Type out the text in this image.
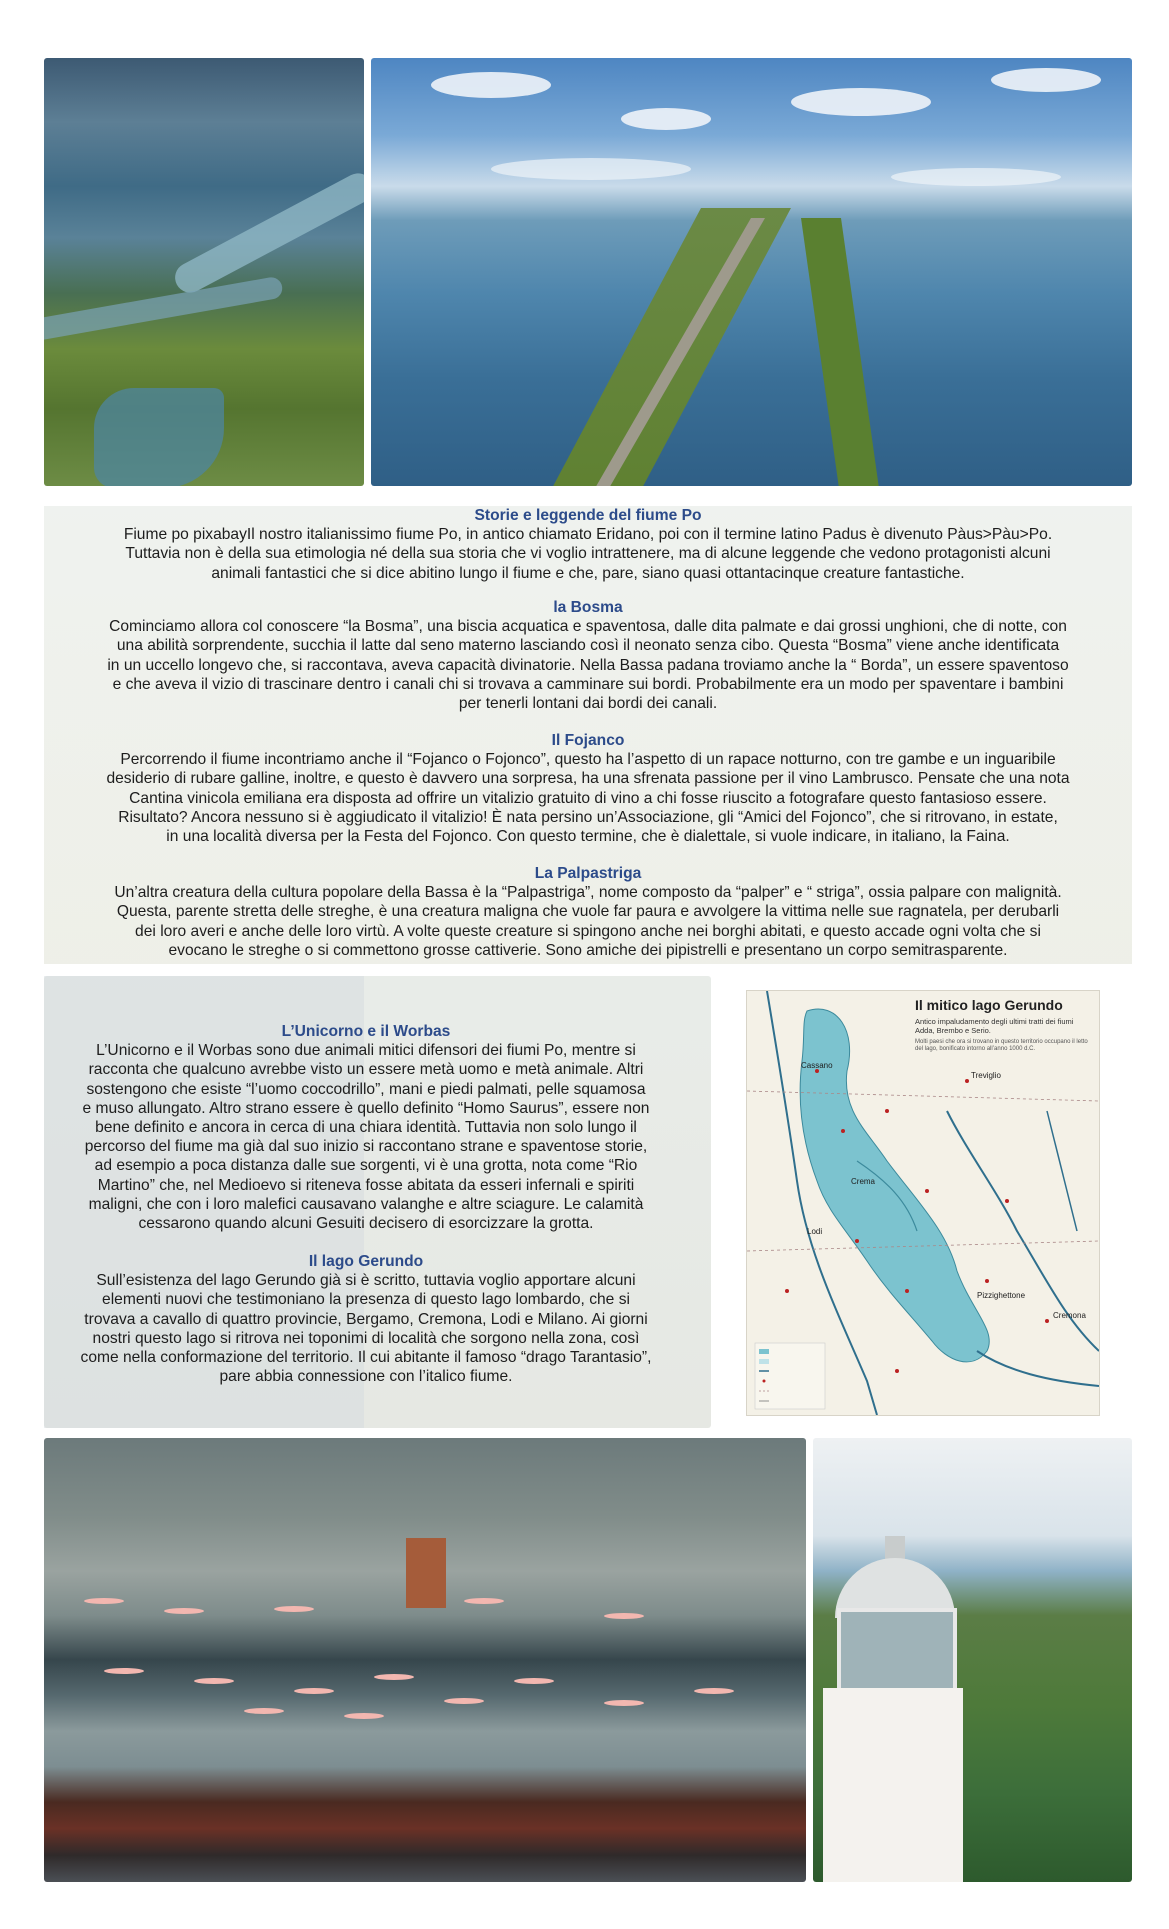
Storie e leggende del fiume Po

Fiume po pixabayIl nostro italianissimo fiume Po, in antico chiamato Eridano, poi con il termine latino Padus è divenuto Pàus>Pàu>Po.

Tuttavia non è della sua etimologia né della sua storia che vi voglio intrattenere, ma di alcune leggende che vedono protagonisti alcuni

animali fantastici che si dice abitino lungo il fiume e che, pare, siano quasi ottantacinque creature fantastiche.

la Bosma

Cominciamo allora col conoscere “la Bosma”, una biscia acquatica e spaventosa, dalle dita palmate e dai grossi unghioni, che di notte, con

una abilità sorprendente, succhia il latte dal seno materno lasciando così il neonato senza cibo. Questa “Bosma” viene anche identificata

in un uccello longevo che, si raccontava, aveva capacità divinatorie. Nella Bassa padana troviamo anche la “ Borda”, un essere spaventoso

e che aveva il vizio di trascinare dentro i canali chi si trovava a camminare sui bordi. Probabilmente era un modo per spaventare i bambini

per tenerli lontani dai bordi dei canali.

Il Fojanco

Percorrendo il fiume incontriamo anche il “Fojanco o Fojonco”, questo ha l’aspetto di un rapace notturno, con tre gambe e un inguaribile

desiderio di rubare galline, inoltre, e questo è davvero una sorpresa, ha una sfrenata passione per il vino Lambrusco. Pensate che una nota

Cantina vinicola emiliana era disposta ad offrire un vitalizio gratuito di vino a chi fosse riuscito a fotografare questo fantasioso essere.

Risultato? Ancora nessuno si è aggiudicato il vitalizio! È nata persino un’Associazione, gli “Amici del Fojonco”, che si ritrovano, in estate,

in una località diversa per la Festa del Fojonco. Con questo termine, che è dialettale, si vuole indicare, in italiano, la Faina.

La Palpastriga

Un’altra creatura della cultura popolare della Bassa è la “Palpastriga”, nome composto da “palper” e “ striga”, ossia palpare con malignità.

Questa, parente stretta delle streghe, è una creatura maligna che vuole far paura e avvolgere la vittima nelle sue ragnatela, per derubarli

dei loro averi e anche delle loro virtù. A volte queste creature si spingono anche nei borghi abitati, e questo accade ogni volta che si

evocano le streghe o si commettono grosse cattiverie. Sono amiche dei pipistrelli e presentano un corpo semitrasparente.

L’Unicorno e il Worbas

L’Unicorno e il Worbas sono due animali mitici difensori dei fiumi Po, mentre si

racconta che qualcuno avrebbe visto un essere metà uomo e metà animale. Altri

sostengono che esiste “l’uomo coccodrillo”, mani e piedi palmati, pelle squamosa

e muso allungato. Altro strano essere è quello definito “Homo Saurus”, essere non

bene definito e ancora in cerca di una chiara identità. Tuttavia non solo lungo il

percorso del fiume ma già dal suo inizio si raccontano strane e spaventose storie,

ad esempio a poca distanza dalle sue sorgenti, vi è una grotta, nota come “Rio

Martino” che, nel Medioevo si riteneva fosse abitata da esseri infernali e spiriti

maligni, che con i loro malefici causavano valanghe e altre sciagure. Le calamità

cessarono quando alcuni Gesuiti decisero di esorcizzare la grotta.

Il lago Gerundo

Sull’esistenza del lago Gerundo già si è scritto, tuttavia voglio apportare alcuni

elementi nuovi che testimoniano la presenza di questo lago lombardo, che si

trovava a cavallo di quattro provincie, Bergamo, Cremona, Lodi e Milano. Ai giorni

nostri questo lago si ritrova nei toponimi di località che sorgono nella zona, così

come nella conformazione del territorio. Il cui abitante il famoso “drago Tarantasio”,

pare abbia connessione con l’italico fiume.

Il mitico lago Gerundo
Antico impaludamento degli ultimi tratti dei fiumi Adda, Brembo e Serio.
Molti paesi che ora si trovano in questo territorio occupano il letto del lago, bonificato intorno all’anno 1000 d.C.
Crema
Lodi
Cremona
Cassano
Treviglio
Pizzighettone
